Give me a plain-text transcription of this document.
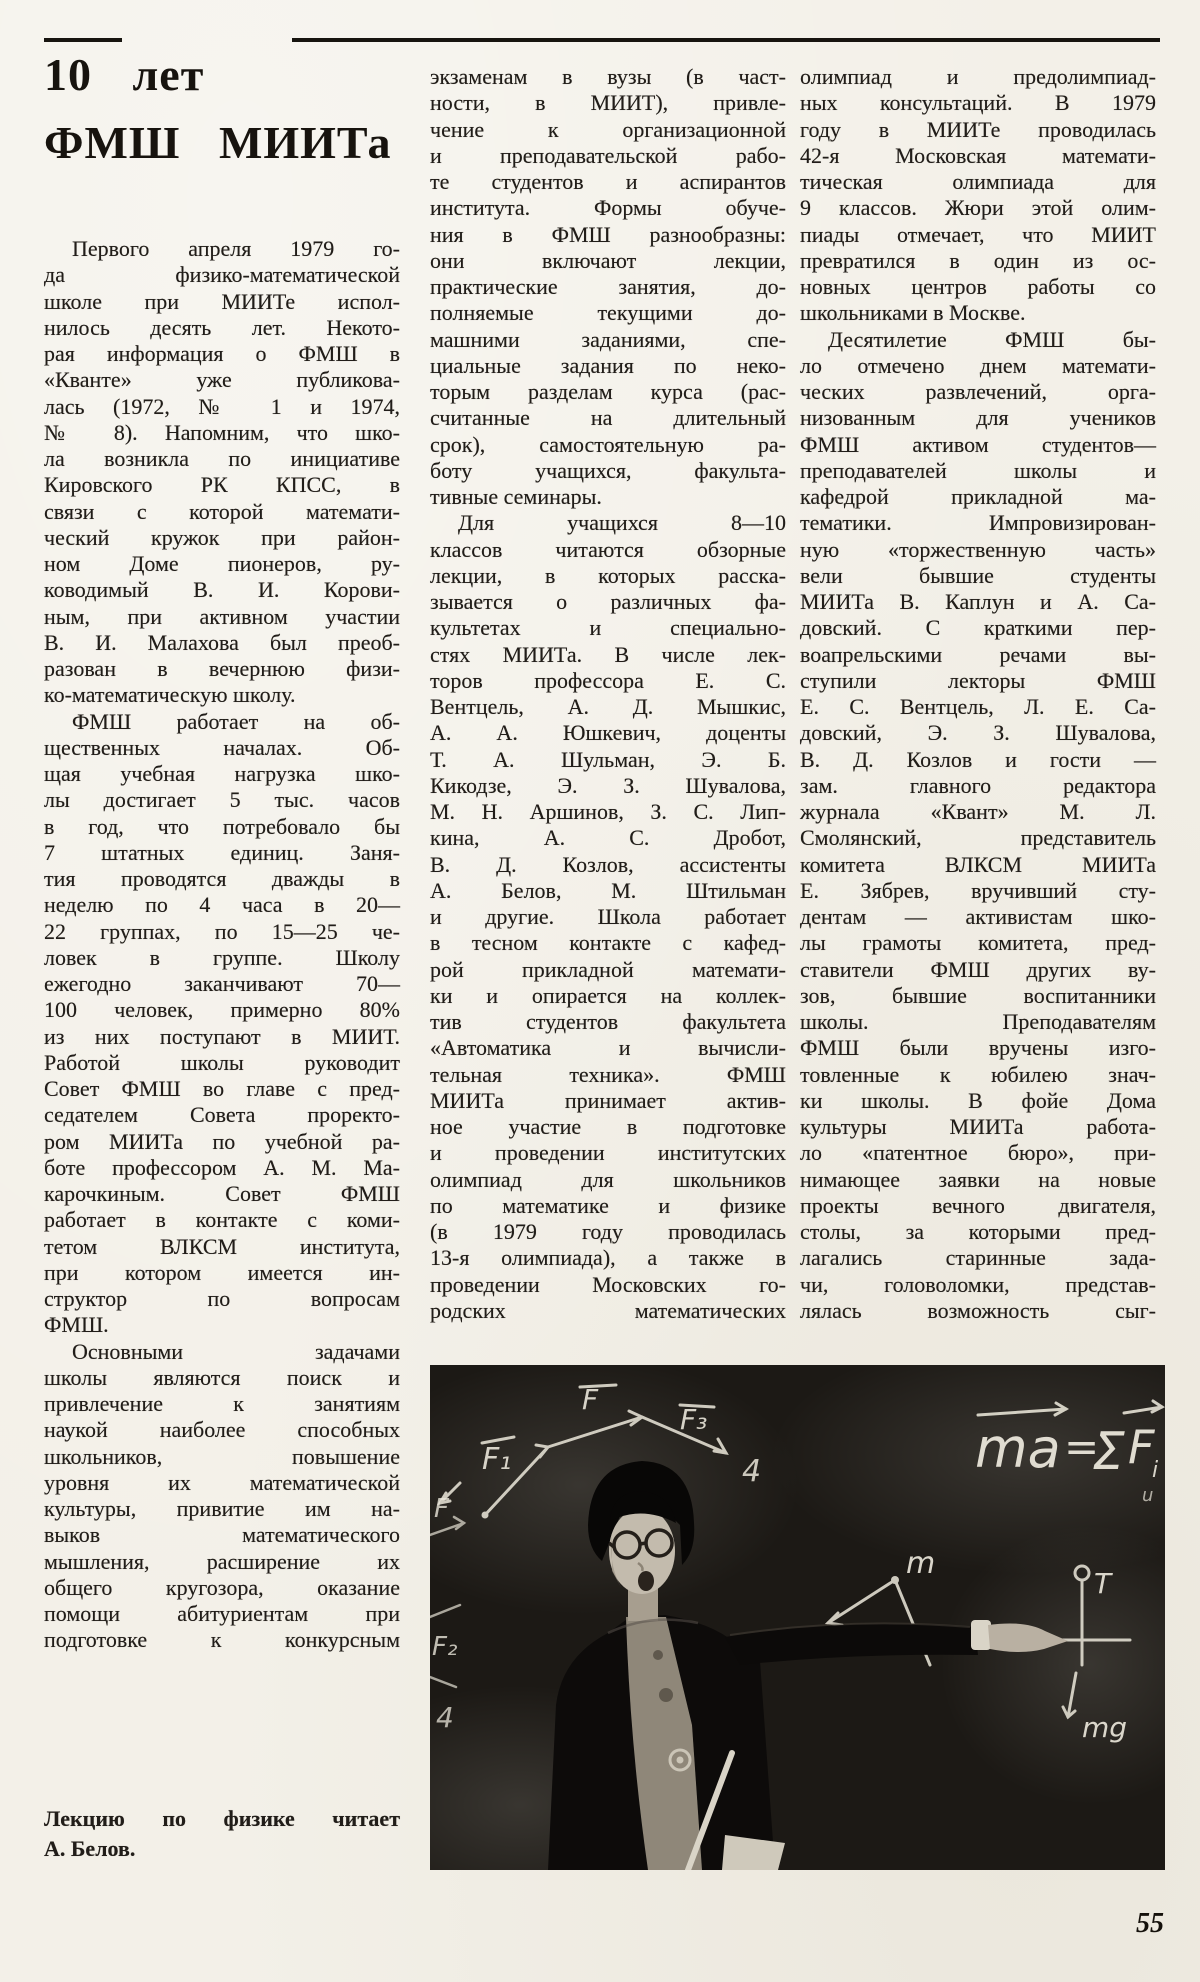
10 лет
ФМШ МИИТа
Первого апреля 1979 го-
да физико-математической
школе при МИИТе испол-
нилось десять лет. Некото-
рая информация о ФМШ в
«Кванте» уже публикова-
лась (1972, № 1 и 1974,
№ 8). Напомним, что шко-
ла возникла по инициативе
Кировского РК КПСС, в
связи с которой математи-
ческий кружок при район-
ном Доме пионеров, ру-
ководимый В. И. Корови-
ным, при активном участии
В. И. Малахова был преоб-
разован в вечернюю физи-
ко-математическую школу.
ФМШ работает на об-
щественных началах. Об-
щая учебная нагрузка шко-
лы достигает 5 тыс. часов
в год, что потребовало бы
7 штатных единиц. Заня-
тия проводятся дважды в
неделю по 4 часа в 20—
22 группах, по 15—25 че-
ловек в группе. Школу
ежегодно заканчивают 70—
100 человек, примерно 80%
из них поступают в МИИТ.
Работой школы руководит
Совет ФМШ во главе с пред-
седателем Совета проректо-
ром МИИТа по учебной ра-
боте профессором А. М. Ма-
карочкиным. Совет ФМШ
работает в контакте с коми-
тетом ВЛКСМ института,
при котором имеется ин-
структор по вопросам
ФМШ.
Основными задачами
школы являются поиск и
привлечение к занятиям
наукой наиболее способных
школьников, повышение
уровня их математической
культуры, привитие им на-
выков математического
мышления, расширение их
общего кругозора, оказание
помощи абитуриентам при
подготовке к конкурсным
экзаменам в вузы (в част-
ности, в МИИТ), привле-
чение к организационной
и преподавательской рабо-
те студентов и аспирантов
института. Формы обуче-
ния в ФМШ разнообразны:
они включают лекции,
практические занятия, до-
полняемые текущими до-
машними заданиями, спе-
циальные задания по неко-
торым разделам курса (рас-
считанные на длительный
срок), самостоятельную ра-
боту учащихся, факульта-
тивные семинары.
Для учащихся 8—10
классов читаются обзорные
лекции, в которых расска-
зывается о различных фа-
культетах и специально-
стях МИИТа. В числе лек-
торов профессора Е. С.
Вентцель, А. Д. Мышкис,
А. А. Юшкевич, доценты
Т. А. Шульман, Э. Б.
Кикодзе, Э. З. Шувалова,
М. Н. Аршинов, З. С. Лип-
кина, А. С. Дробот,
В. Д. Козлов, ассистенты
А. Белов, М. Штильман
и другие. Школа работает
в тесном контакте с кафед-
рой прикладной математи-
ки и опирается на коллек-
тив студентов факультета
«Автоматика и вычисли-
тельная техника». ФМШ
МИИТа принимает актив-
ное участие в подготовке
и проведении институтских
олимпиад для школьников
по математике и физике
(в 1979 году проводилась
13-я олимпиада), а также в
проведении Московских го-
родских математических
олимпиад и предолимпиад-
ных консультаций. В 1979
году в МИИТе проводилась
42-я Московская математи-
тическая олимпиада для
9 классов. Жюри этой олим-
пиады отмечает, что МИИТ
превратился в один из ос-
новных центров работы со
школьниками в Москве.
Десятилетие ФМШ бы-
ло отмечено днем математи-
ческих развлечений, орга-
низованным для учеников
ФМШ активом студентов—
преподавателей школы и
кафедрой прикладной ма-
тематики. Импровизирован-
ную «торжественную часть»
вели бывшие студенты
МИИТа В. Каплун и А. Са-
довский. С краткими пер-
воапрельскими речами вы-
ступили лекторы ФМШ
Е. С. Вентцель, Л. Е. Са-
довский, Э. З. Шувалова,
В. Д. Козлов и гости —
зам. главного редактора
журнала «Квант» М. Л.
Смолянский, представитель
комитета ВЛКСМ МИИТа
Е. Зябрев, вручивший сту-
дентам — активистам шко-
лы грамоты комитета, пред-
ставители ФМШ других ву-
зов, бывшие воспитанники
школы. Преподавателям
ФМШ были вручены изго-
товленные к юбилею знач-
ки школы. В фойе Дома
культуры МИИТа работа-
ло «патентное бюро», при-
нимающее заявки на новые
проекты вечного двигателя,
столы, за которыми пред-
лагались старинные зада-
чи, головоломки, представ-
лялась возможность сыг-
F₁
F
F₃
4
F
F₂
4
ma =
Σ F
i
u
m
T
mg
Лекцию по физике читает
А. Белов.
55
